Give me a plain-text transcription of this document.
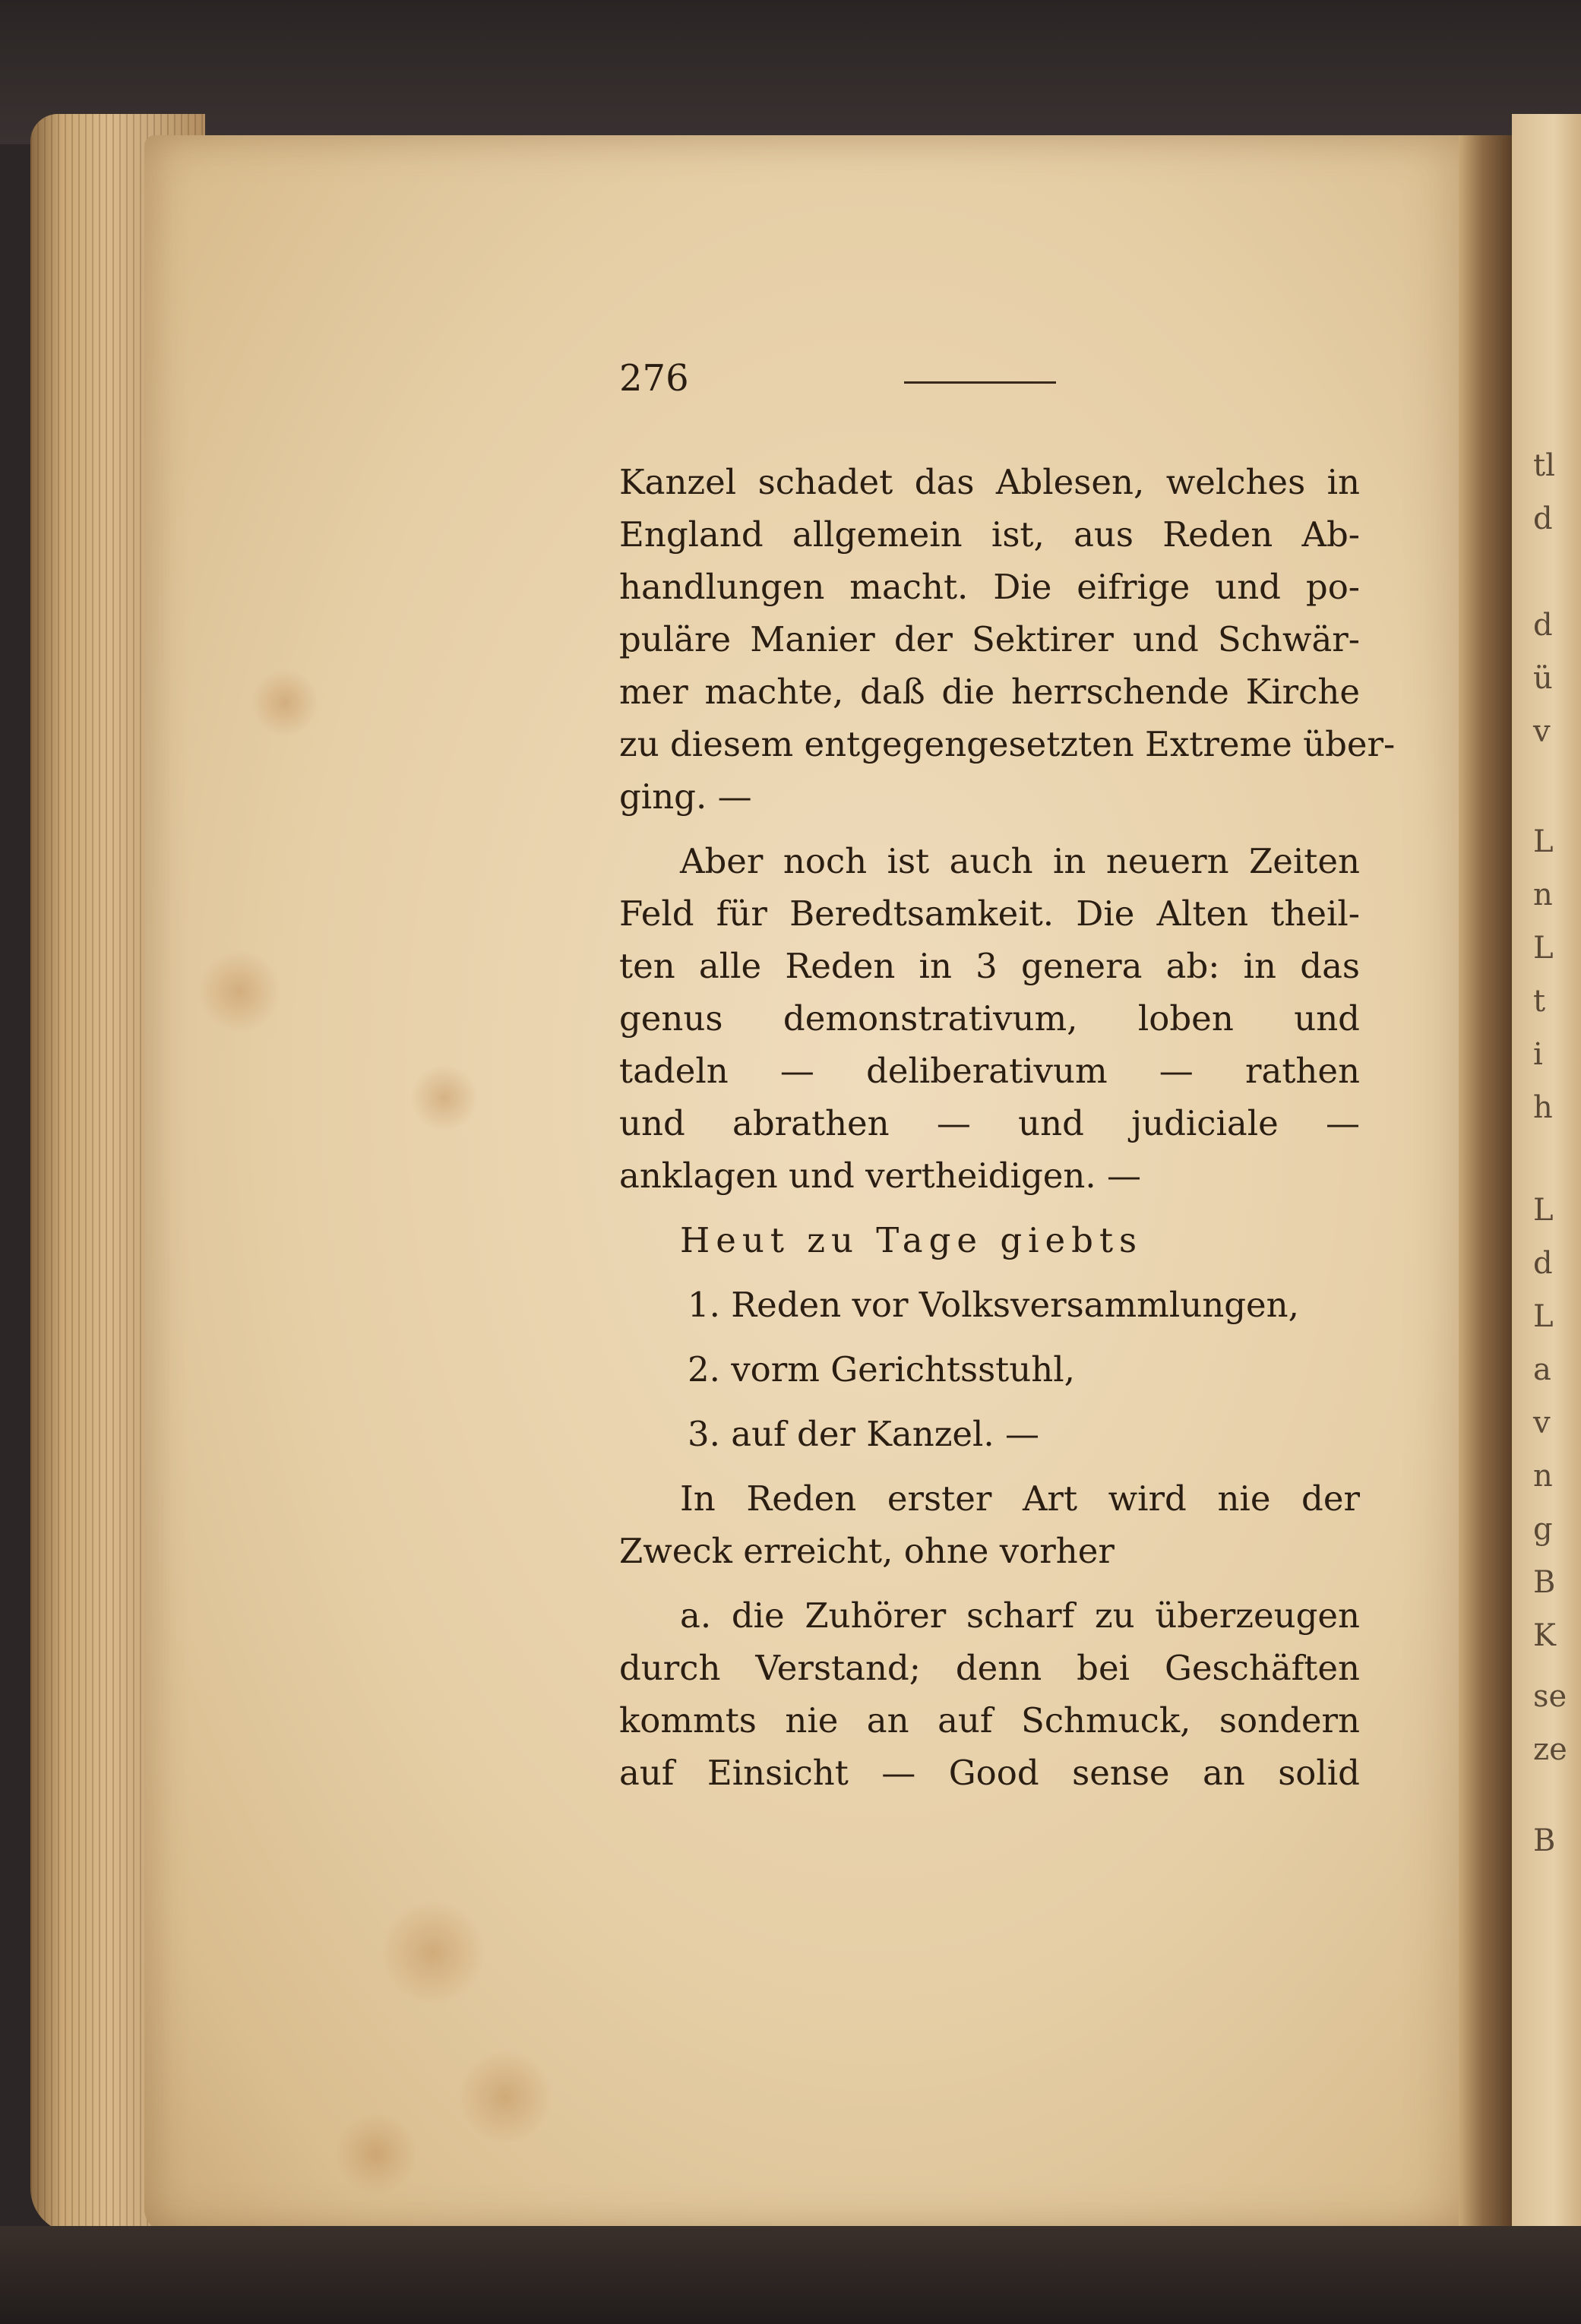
tl
d
d
ü
v
L
n
L
t
i
h
L
d
L
a
v
n
g
B
K
se
ze
B
276
Kanzel schadet das Ablesen, welches in
England allgemein ist, aus Reden Ab-
handlungen macht. Die eifrige und po-
puläre Manier der Sektirer und Schwär-
mer machte, daß die herrschende Kirche
zu diesem entgegengesetzten Extreme über-
ging. —
Aber noch ist auch in neuern Zeiten
Feld für Beredtsamkeit. Die Alten theil-
ten alle Reden in 3 genera ab: in das
genus demonstrativum, loben und
tadeln — deliberativum — rathen
und abrathen — und judiciale —
anklagen und vertheidigen. —
Heut zu Tage giebts
1. Reden vor Volksversammlungen,
2. vorm Gerichtsstuhl,
3. auf der Kanzel. —
In Reden erster Art wird nie der
Zweck erreicht, ohne vorher
a. die Zuhörer scharf zu überzeugen
durch Verstand; denn bei Geschäften
kommts nie an auf Schmuck, sondern
auf Einsicht — Good sense an solid
